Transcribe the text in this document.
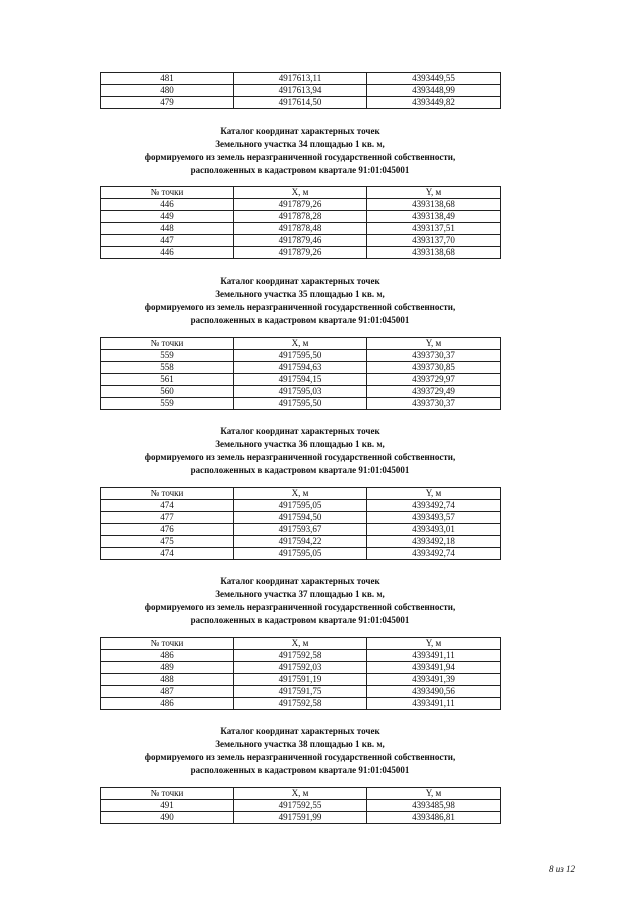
481	4917613,11	4393449,55
480	4917613,94	4393448,99
479	4917614,50	4393449,82
Каталог координат характерных точек
Земельного участка 34 площадью 1 кв. м,
формируемого из земель неразграниченной государственной собственности,
расположенных в кадастровом квартале 91:01:045001
№ точки	X, м	Y, м
446	4917879,26	4393138,68
449	4917878,28	4393138,49
448	4917878,48	4393137,51
447	4917879,46	4393137,70
446	4917879,26	4393138,68
Каталог координат характерных точек
Земельного участка 35 площадью 1 кв. м,
формируемого из земель неразграниченной государственной собственности,
расположенных в кадастровом квартале 91:01:045001
№ точки	X, м	Y, м
559	4917595,50	4393730,37
558	4917594,63	4393730,85
561	4917594,15	4393729,97
560	4917595,03	4393729,49
559	4917595,50	4393730,37
Каталог координат характерных точек
Земельного участка 36 площадью 1 кв. м,
формируемого из земель неразграниченной государственной собственности,
расположенных в кадастровом квартале 91:01:045001
№ точки	X, м	Y, м
474	4917595,05	4393492,74
477	4917594,50	4393493,57
476	4917593,67	4393493,01
475	4917594,22	4393492,18
474	4917595,05	4393492,74
Каталог координат характерных точек
Земельного участка 37 площадью 1 кв. м,
формируемого из земель неразграниченной государственной собственности,
расположенных в кадастровом квартале 91:01:045001
№ точки	X, м	Y, м
486	4917592,58	4393491,11
489	4917592,03	4393491,94
488	4917591,19	4393491,39
487	4917591,75	4393490,56
486	4917592,58	4393491,11
Каталог координат характерных точек
Земельного участка 38 площадью 1 кв. м,
формируемого из земель неразграниченной государственной собственности,
расположенных в кадастровом квартале 91:01:045001
№ точки	X, м	Y, м
491	4917592,55	4393485,98
490	4917591,99	4393486,81
8 из 12
